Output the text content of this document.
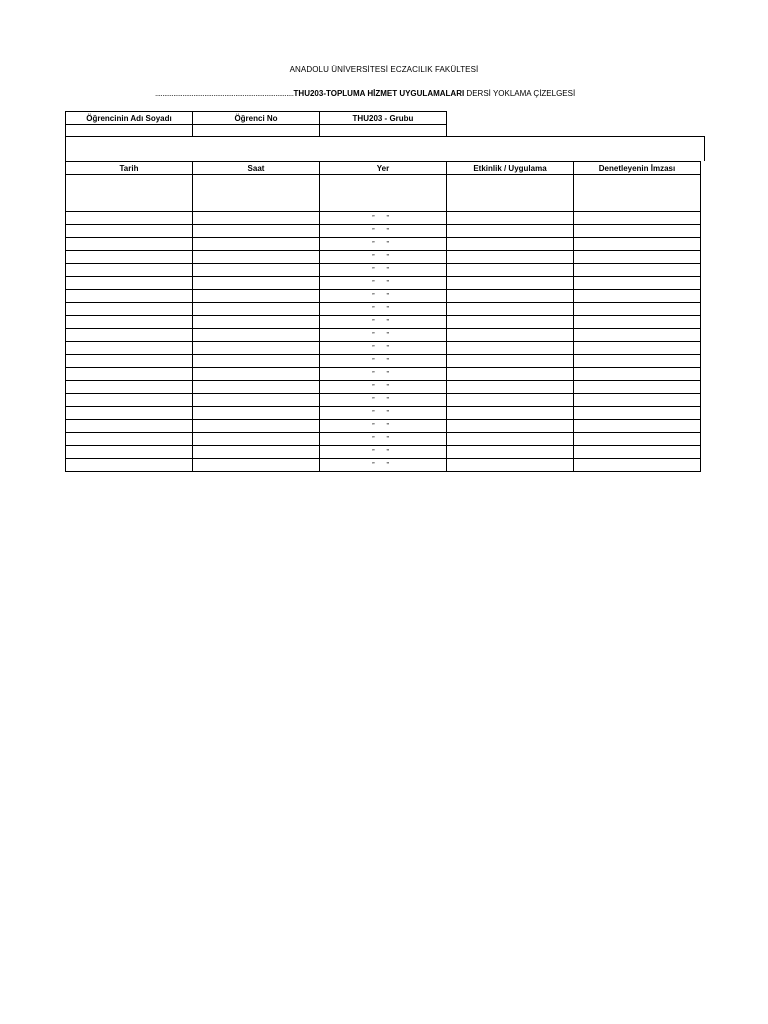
ANADOLU ÜNİVERSİTESİ ECZACILIK FAKÜLTESİ
............................................................................THU203-TOPLUMA HİZMET UYGULAMALARI DERSİ YOKLAMA ÇİZELGESİ
Öğrencinin Adı Soyadı	Öğrenci No	THU203 - Grubu

Tarih	Saat	Yer	Etkinlik / Uygulama	Denetleyenin İmzası

		” ”		
		” ”		
		” ”		
		” ”		
		” ”		
		” ”		
		” ”		
		” ”		
		” ”		
		” ”		
		” ”		
		” ”		
		” ”		
		” ”		
		” ”		
		” ”		
		” ”		
		” ”		
		” ”		
		” ”		
